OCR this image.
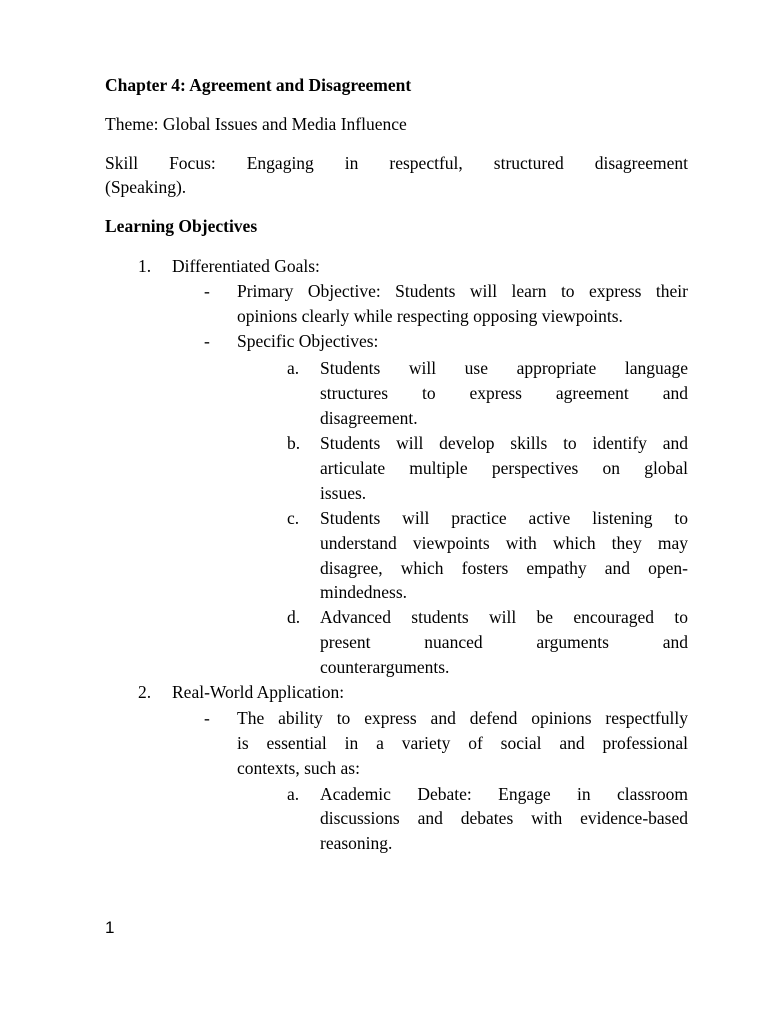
Chapter 4: Agreement and Disagreement
Theme: Global Issues and Media Influence
Skill Focus: Engaging in respectful, structured disagreement
(Speaking).
Learning Objectives
1. Differentiated Goals:
- Primary Objective: Students will learn to express their
opinions clearly while respecting opposing viewpoints.
- Specific Objectives:
a. Students will use appropriate language
structures to express agreement and
disagreement.
b. Students will develop skills to identify and
articulate multiple perspectives on global
issues.
c. Students will practice active listening to
understand viewpoints with which they may
disagree, which fosters empathy and open-
mindedness.
d. Advanced students will be encouraged to
present nuanced arguments and
counterarguments.
2. Real-World Application:
- The ability to express and defend opinions respectfully
is essential in a variety of social and professional
contexts, such as:
a. Academic Debate: Engage in classroom
discussions and debates with evidence-based
reasoning.
1
